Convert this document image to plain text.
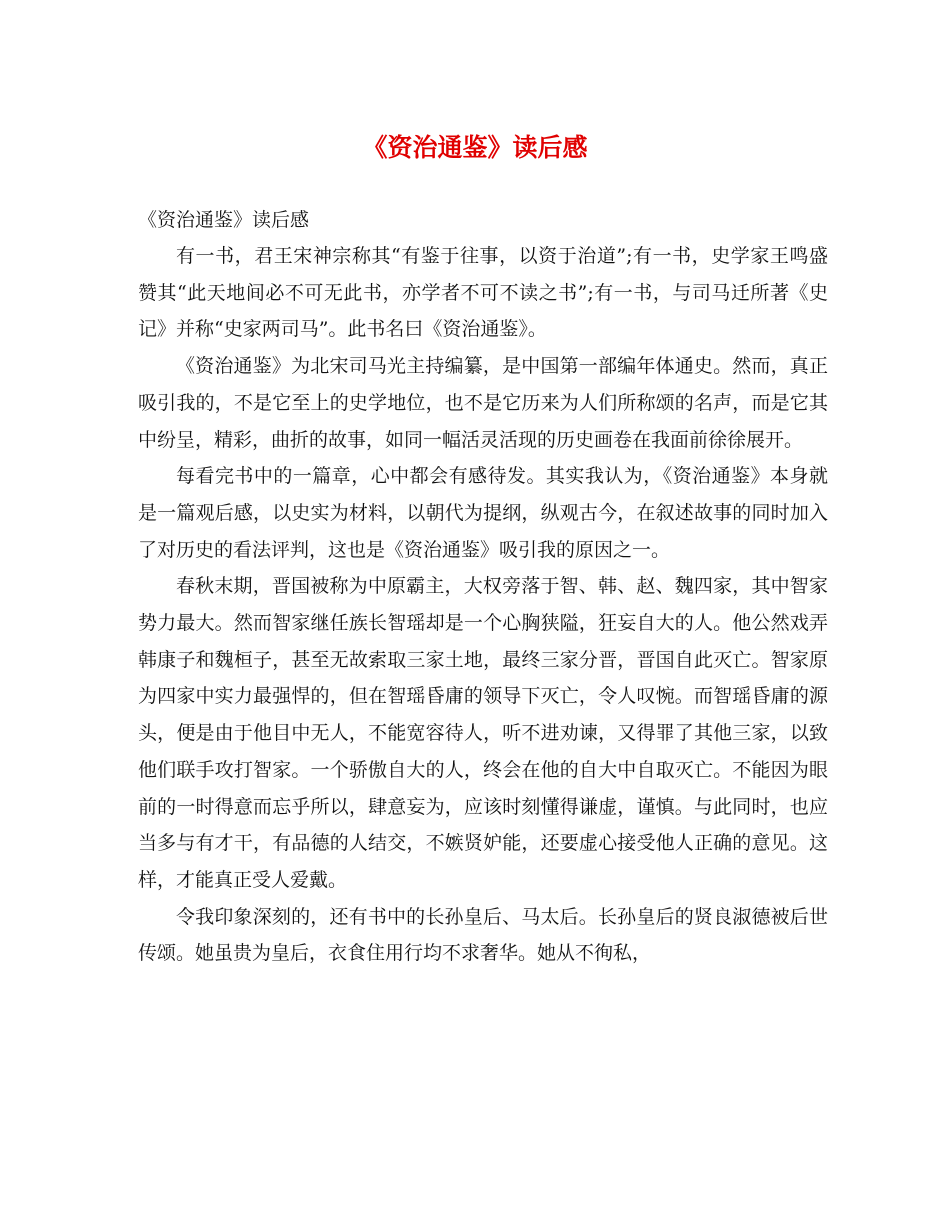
《资治通鉴》读后感

《资治通鉴》读后感

有一书，君王宋神宗称其“有鉴于往事，以资于治道”;有一书，史学家王鸣盛赞其“此天地间必不可无此书，亦学者不可不读之书”;有一书，与司马迁所著《史记》并称“史家两司马”。此书名曰《资治通鉴》。

《资治通鉴》为北宋司马光主持编纂，是中国第一部编年体通史。然而，真正吸引我的，不是它至上的史学地位，也不是它历来为人们所称颂的名声，而是它其中纷呈，精彩，曲折的故事，如同一幅活灵活现的历史画卷在我面前徐徐展开。

每看完书中的一篇章，心中都会有感待发。其实我认为，《资治通鉴》本身就是一篇观后感，以史实为材料，以朝代为提纲，纵观古今，在叙述故事的同时加入了对历史的看法评判，这也是《资治通鉴》吸引我的原因之一。

春秋末期，晋国被称为中原霸主，大权旁落于智、韩、赵、魏四家，其中智家势力最大。然而智家继任族长智瑶却是一个心胸狭隘，狂妄自大的人。他公然戏弄韩康子和魏桓子，甚至无故索取三家土地，最终三家分晋，晋国自此灭亡。智家原为四家中实力最强悍的，但在智瑶昏庸的领导下灭亡，令人叹惋。而智瑶昏庸的源头，便是由于他目中无人，不能宽容待人，听不进劝谏，又得罪了其他三家，以致他们联手攻打智家。一个骄傲自大的人，终会在他的自大中自取灭亡。不能因为眼前的一时得意而忘乎所以，肆意妄为，应该时刻懂得谦虚，谨慎。与此同时，也应当多与有才干，有品德的人结交，不嫉贤妒能，还要虚心接受他人正确的意见。这样，才能真正受人爱戴。

令我印象深刻的，还有书中的长孙皇后、马太后。长孙皇后的贤良淑德被后世传颂。她虽贵为皇后，衣食住用行均不求奢华。她从不徇私，
